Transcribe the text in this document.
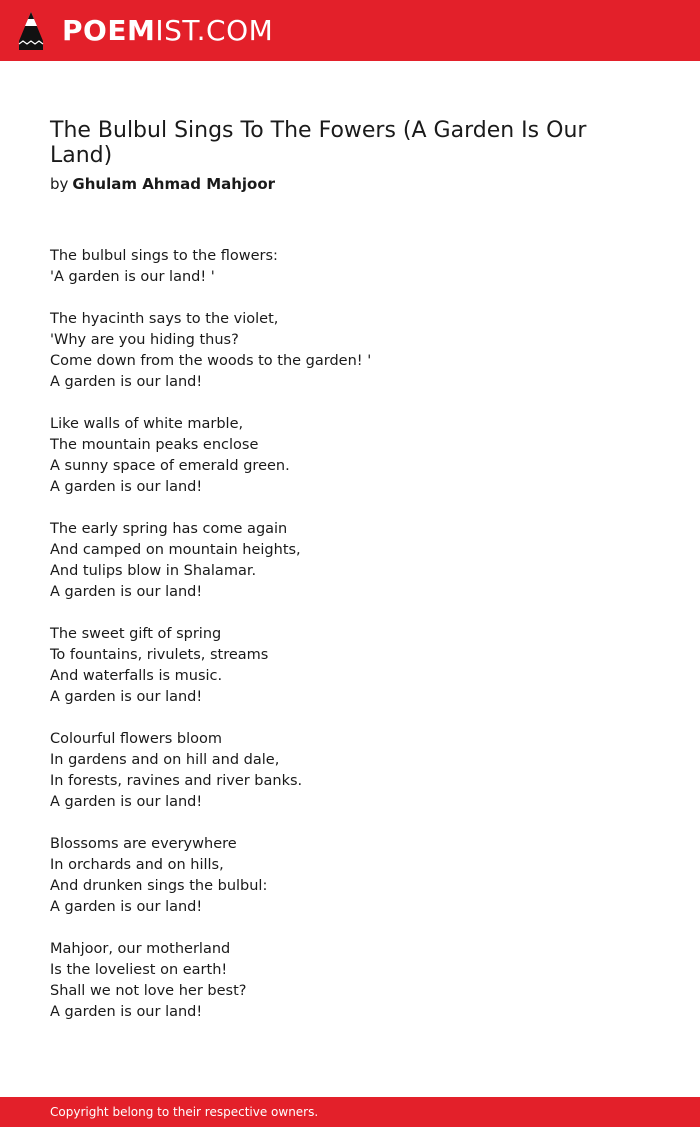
POEMIST.COM
The Bulbul Sings To The Fowers (A Garden Is Our Land)
by Ghulam Ahmad Mahjoor
The bulbul sings to the flowers:
'A garden is our land! '
The hyacinth says to the violet,
'Why are you hiding thus?
Come down from the woods to the garden! '
A garden is our land!
Like walls of white marble,
The mountain peaks enclose
A sunny space of emerald green.
A garden is our land!
The early spring has come again
And camped on mountain heights,
And tulips blow in Shalamar.
A garden is our land!
The sweet gift of spring
To fountains, rivulets, streams
And waterfalls is music.
A garden is our land!
Colourful flowers bloom
In gardens and on hill and dale,
In forests, ravines and river banks.
A garden is our land!
Blossoms are everywhere
In orchards and on hills,
And drunken sings the bulbul:
A garden is our land!
Mahjoor, our motherland
Is the loveliest on earth!
Shall we not love her best?
A garden is our land!
Copyright belong to their respective owners.
